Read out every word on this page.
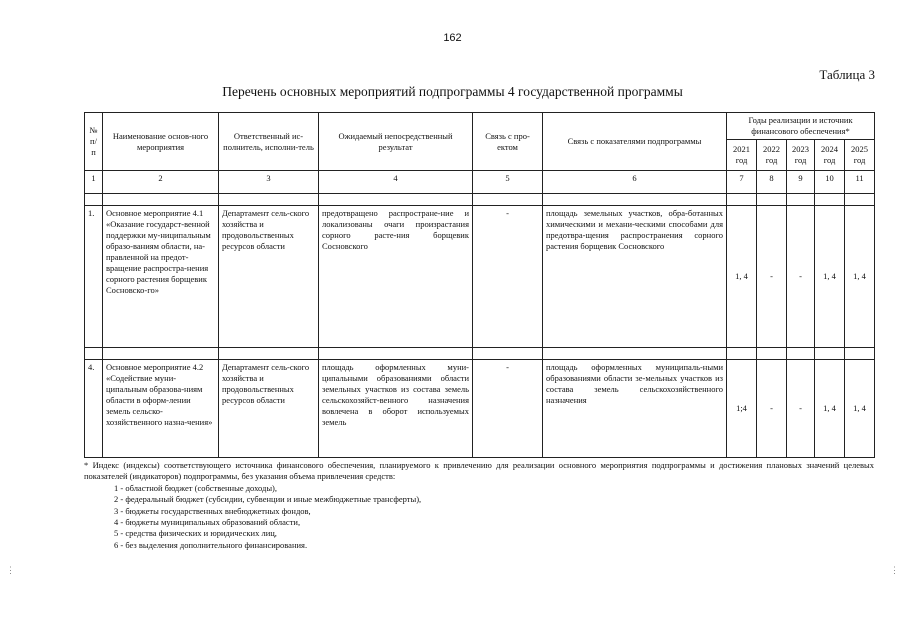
162
Таблица 3
Перечень основных мероприятий подпрограммы 4 государственной программы
№ п/п	Наименование основ-ного мероприятия	Ответственный ис-полнитель, исполни-тель	Ожидаемый непосредственный результат	Связь с про-ектом	Связь с показателями подпрограммы	Годы реализации и источник финансового обеспечения*				
						2021 год	2022 год	2023 год	2024 год	2025 год
1	2	3	4	5	6	7	8	9	10	11

1.	Основное мероприятие 4.1 «Оказание государст-венной поддержки му-ниципальным образо-ваниям области, на-правленной на предот-вращение распростра-нения сорного растения борщевик Сосновско-го»	Департамент сель-ского хозяйства и продовольственных ресурсов области	предотвращено распростране-ние и локализованы очаги произрастания сорного расте-ния борщевик Сосновского	-	площадь земельных участков, обра-ботанных химическими и механи-ческими способами для предотвра-щения распространения сорного растения борщевик Сосновского	1, 4	-	-	1, 4	1, 4

4.	Основное мероприятие 4.2 «Содействие муни-ципальным образова-ниям области в оформ-лении земель сельско-хозяйственного назна-чения»	Департамент сель-ского хозяйства и продовольственных ресурсов области	площадь оформленных муни-ципальными образованиями области земельных участков из состава земель сельскохозяйст-венного назначения вовлечена в оборот используемых земель	-	площадь оформленных муниципаль-ными образованиями области зе-мельных участков из состава земель сельскохозяйственного назначения	1;4	-	-	1, 4	1, 4
* Индекс (индексы) соответствующего источника финансового обеспечения, планируемого к привлечению для реализации основного мероприятия подпрограммы и достижения плановых значений целевых показателей (индикаторов) подпрограммы, без указания объема привлечения средств:
1 - областной бюджет (собственные доходы),
2 - федеральный бюджет (субсидии, субвенции и иные межбюджетные трансферты),
3 - бюджеты государственных внебюджетных фондов,
4 - бюджеты муниципальных образований области,
5 - средства физических и юридических лиц,
6 - без выделения дополнительного финансирования.
⋮	⋮
